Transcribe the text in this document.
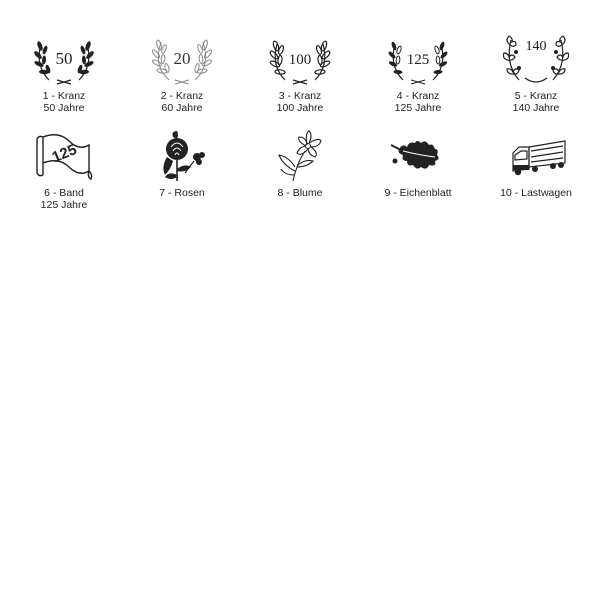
50
1 - Kranz
50 Jahre
20
2 - Kranz
60 Jahre
100
3 - Kranz
100 Jahre
125
4 - Kranz
125 Jahre
140
5 - Kranz
140 Jahre
125
6 - Band
125 Jahre
7 - Rosen	8 - Blume	9 - Eichenblatt	10 - Lastwagen
